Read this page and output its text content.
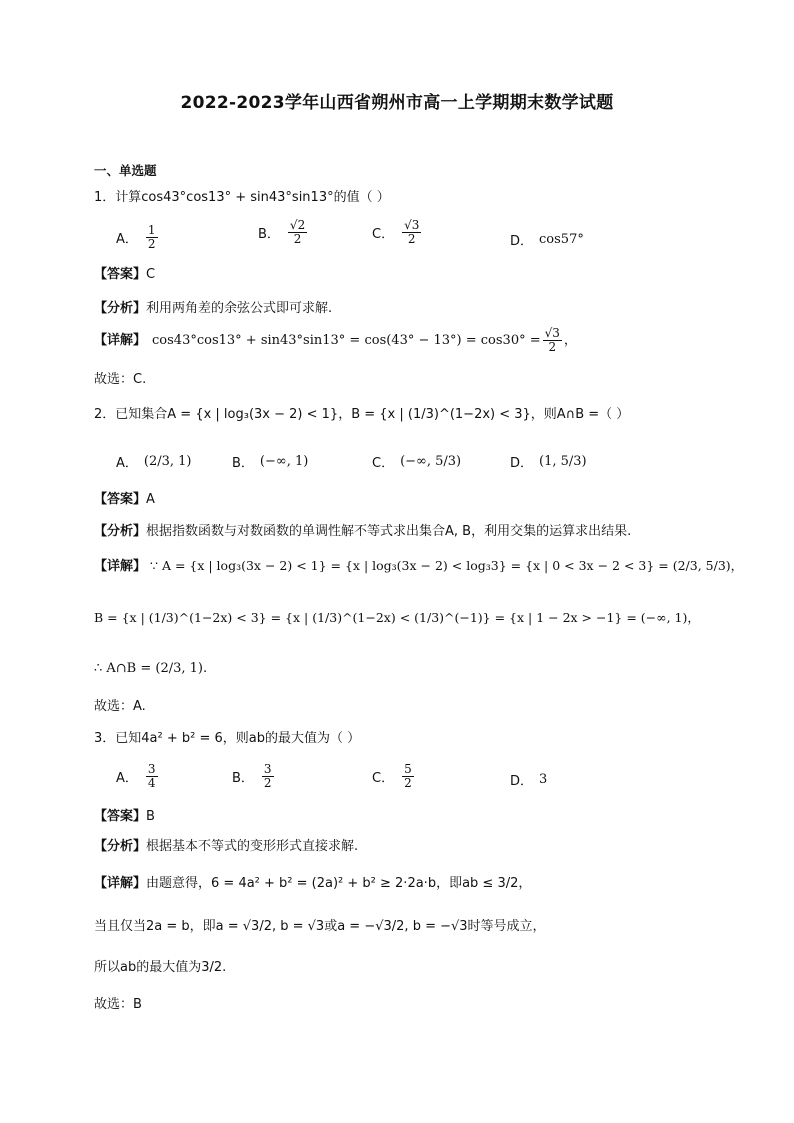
2022-2023学年山西省朔州市高一上学期期末数学试题
一、单选题
1．计算cos43°cos13° + sin43°sin13°的值（ ）
A． $\frac{1}{2}$	B． $\frac{√2}{2}$	C． $\frac{√3}{2}$	D． cos57°
【答案】C
【分析】利用两角差的余弦公式即可求解.
【详解】 $\cos 43^\circ\cos 13^\circ + \sin 43^\circ\sin 13^\circ = \cos(43^\circ - 13^\circ) = \cos 30^\circ = \frac{√3}{2}$ ，
故选：C.
2．已知集合A = {x | log₃(3x − 2) < 1}，B = {x | (1/3)^(1−2x) < 3}，则A∩B =（ ）
A． (2/3, 1)	B． (−∞, 1)	C． (−∞, 5/3)	D． (1, 5/3)
【答案】A
【分析】根据指数函数与对数函数的单调性解不等式求出集合A, B，利用交集的运算求出结果.
【详解】 ∵ A = {x | log₃(3x − 2) < 1} = {x | log₃(3x − 2) < log₃3} = {x | 0 < 3x − 2 < 3} = (2/3, 5/3)，
B = {x | (1/3)^(1−2x) < 3} = {x | (1/3)^(1−2x) < (1/3)^(−1)} = {x | 1 − 2x > −1} = (−∞, 1)，
∴ A∩B = (2/3, 1).
故选：A.
3．已知4a² + b² = 6，则ab的最大值为（ ）
A． $\frac{3}{4}$	B． $\frac{3}{2}$	C． $\frac{5}{2}$	D． 3
【答案】B
【分析】根据基本不等式的变形形式直接求解.
【详解】由题意得，6 = 4a² + b² = (2a)² + b² ≥ 2·2a·b，即ab ≤ 3/2，
当且仅当2a = b，即a = √3/2, b = √3或a = −√3/2, b = −√3时等号成立，
所以ab的最大值为3/2.
故选：B
